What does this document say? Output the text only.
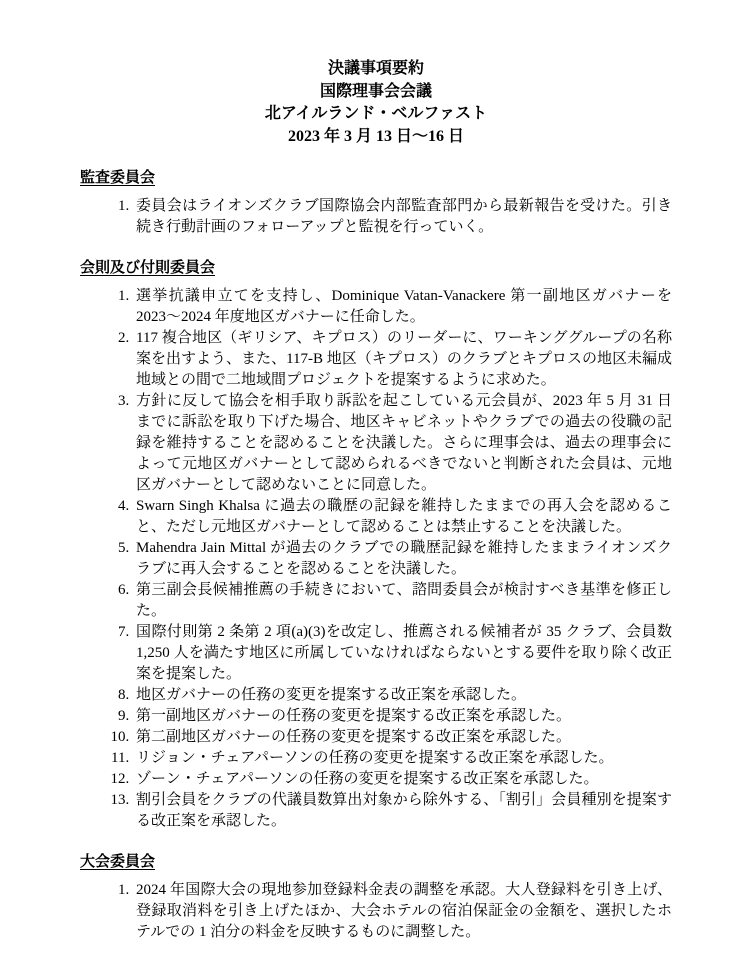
決議事項要約
国際理事会会議
北アイルランド・ベルファスト
2023 年 3 月 13 日～16 日
監査委員会
1. 委員会はライオンズクラブ国際協会内部監査部門から最新報告を受けた。引き続き行動計画のフォローアップと監視を行っていく。
会則及び付則委員会
1. 選挙抗議申立てを支持し、Dominique Vatan-Vanackere 第一副地区ガバナーを 2023～2024 年度地区ガバナーに任命した。
2. 117 複合地区（ギリシア、キプロス）のリーダーに、ワーキンググループの名称案を出すよう、また、117-B 地区（キプロス）のクラブとキプロスの地区未編成地域との間で二地域間プロジェクトを提案するように求めた。
3. 方針に反して協会を相手取り訴訟を起こしている元会員が、2023 年 5 月 31 日までに訴訟を取り下げた場合、地区キャビネットやクラブでの過去の役職の記録を維持することを認めることを決議した。さらに理事会は、過去の理事会によって元地区ガバナーとして認められるべきでないと判断された会員は、元地区ガバナーとして認めないことに同意した。
4. Swarn Singh Khalsa に過去の職歴の記録を維持したままでの再入会を認めること、ただし元地区ガバナーとして認めることは禁止することを決議した。
5. Mahendra Jain Mittal が過去のクラブでの職歴記録を維持したままライオンズクラブに再入会することを認めることを決議した。
6. 第三副会長候補推薦の手続きにおいて、諮問委員会が検討すべき基準を修正した。
7. 国際付則第 2 条第 2 項(a)(3)を改定し、推薦される候補者が 35 クラブ、会員数 1,250 人を満たす地区に所属していなければならないとする要件を取り除く改正案を提案した。
8. 地区ガバナーの任務の変更を提案する改正案を承認した。
9. 第一副地区ガバナーの任務の変更を提案する改正案を承認した。
10. 第二副地区ガバナーの任務の変更を提案する改正案を承認した。
11. リジョン・チェアパーソンの任務の変更を提案する改正案を承認した。
12. ゾーン・チェアパーソンの任務の変更を提案する改正案を承認した。
13. 割引会員をクラブの代議員数算出対象から除外する、「割引」会員種別を提案する改正案を承認した。
大会委員会
1. 2024 年国際大会の現地参加登録料金表の調整を承認。大人登録料を引き上げ、登録取消料を引き上げたほか、大会ホテルの宿泊保証金の金額を、選択したホテルでの 1 泊分の料金を反映するものに調整した。
